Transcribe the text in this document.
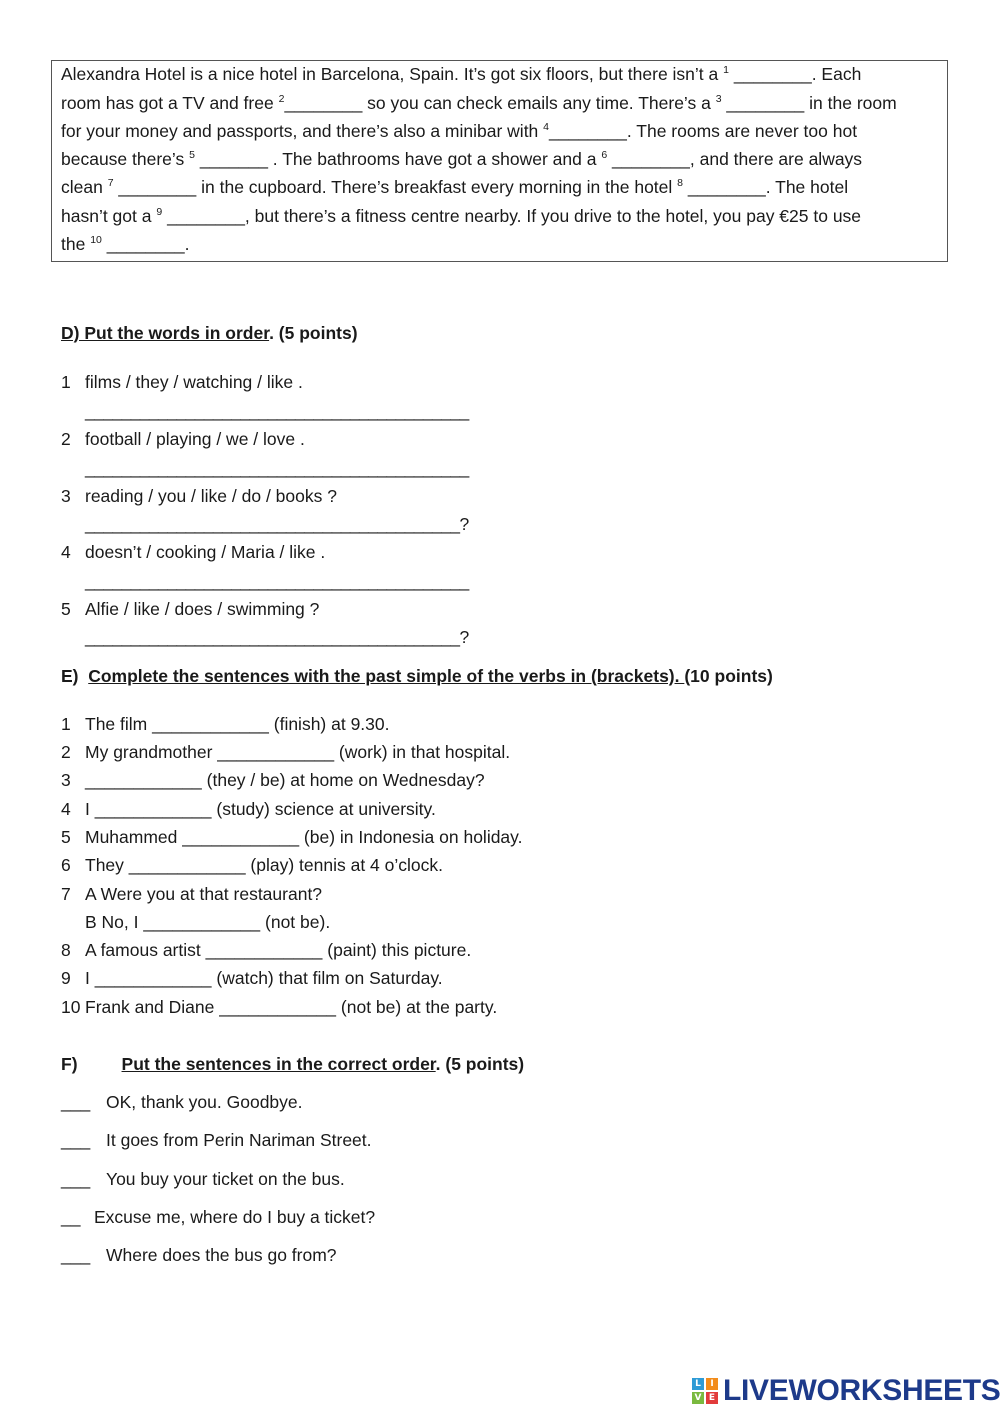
Alexandra Hotel is a nice hotel in Barcelona, Spain. It’s got six floors, but there isn’t a $^1$ ________. Each
room has got a TV and free $^2$________ so you can check emails any time. There’s a $^3$ ________ in the room
for your money and passports, and there’s also a minibar with $^4$________. The rooms are never too hot
because there’s $^5$ _______ . The bathrooms have got a shower and a $^6$ ________, and there are always
clean $^7$ ________ in the cupboard. There’s breakfast every morning in the hotel $^8$ ________. The hotel
hasn’t got a $^9$ ________, but there’s a fitness centre nearby. If you drive to the hotel, you pay €25 to use
the $^{10}$ ________.
D) Put the words in order. (5 points)
1 films / they / watching / like .
__________________________________________
2 football / playing / we / love .
__________________________________________
3 reading / you / like / do / books ?
_________________________________________?
4 doesn’t / cooking / Maria / like .
__________________________________________
5 Alfie / like / does / swimming ?
_________________________________________?
E) Complete the sentences with the past simple of the verbs in (brackets). (10 points)
1 The film ____________ (finish) at 9.30.
2 My grandmother ____________ (work) in that hospital.
3 ____________ (they / be) at home on Wednesday?
4 I ____________ (study) science at university.
5 Muhammed ____________ (be) in Indonesia on holiday.
6 They ____________ (play) tennis at 4 o’clock.
7 A Were you at that restaurant?
B No, I ____________ (not be).
8 A famous artist ____________ (paint) this picture.
9 I ____________ (watch) that film on Saturday.
10 Frank and Diane ____________ (not be) at the party.
F)	Put the sentences in the correct order. (5 points)
___ OK, thank you. Goodbye.
___ It goes from Perin Nariman Street.
___ You buy your ticket on the bus.
__ Excuse me, where do I buy a ticket?
___ Where does the bus go from?
L	I
V E LIVEWORKSHEETS
